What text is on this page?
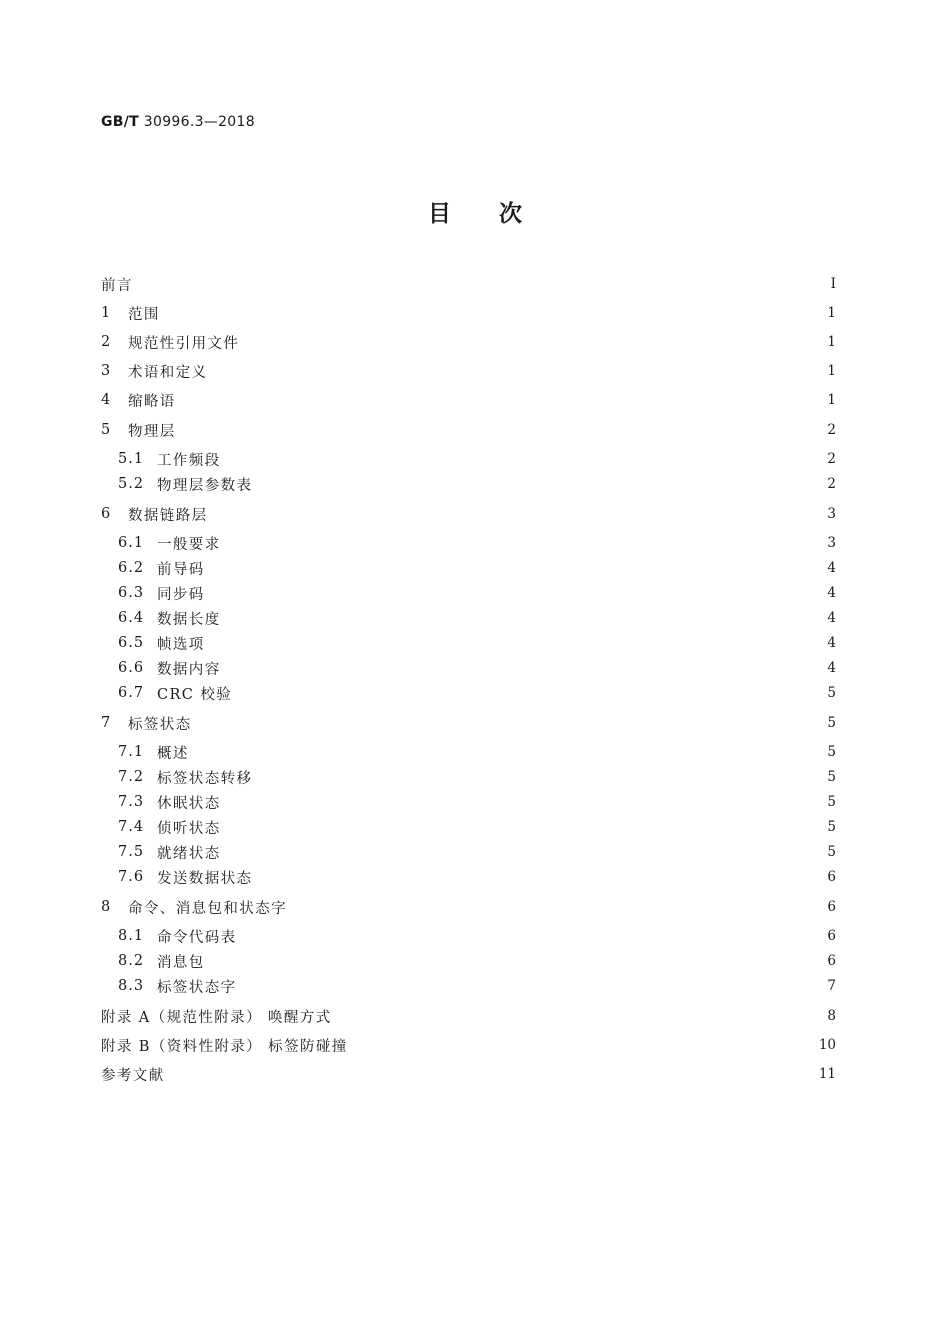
GB/T 30996.3—2018
目次
前言	Ⅰ
1	范围	1
2	规范性引用文件	1
3	术语和定义	1
4	缩略语	1
5	物理层	2
5.1 工作频段	2
5.2 物理层参数表	2
6	数据链路层	3
6.1 一般要求	3
6.2 前导码	4
6.3 同步码	4
6.4 数据长度	4
6.5 帧选项	4
6.6 数据内容	4
6.7 CRC 校验	5
7	标签状态	5
7.1 概述	5
7.2 标签状态转移	5
7.3 休眠状态	5
7.4 侦听状态	5
7.5 就绪状态	5
7.6 发送数据状态	6
8	命令、消息包和状态字	6
8.1 命令代码表	6
8.2 消息包	6
8.3 标签状态字	7
附录 A（规范性附录） 唤醒方式	8
附录 B（资料性附录） 标签防碰撞	10
参考文献	11
